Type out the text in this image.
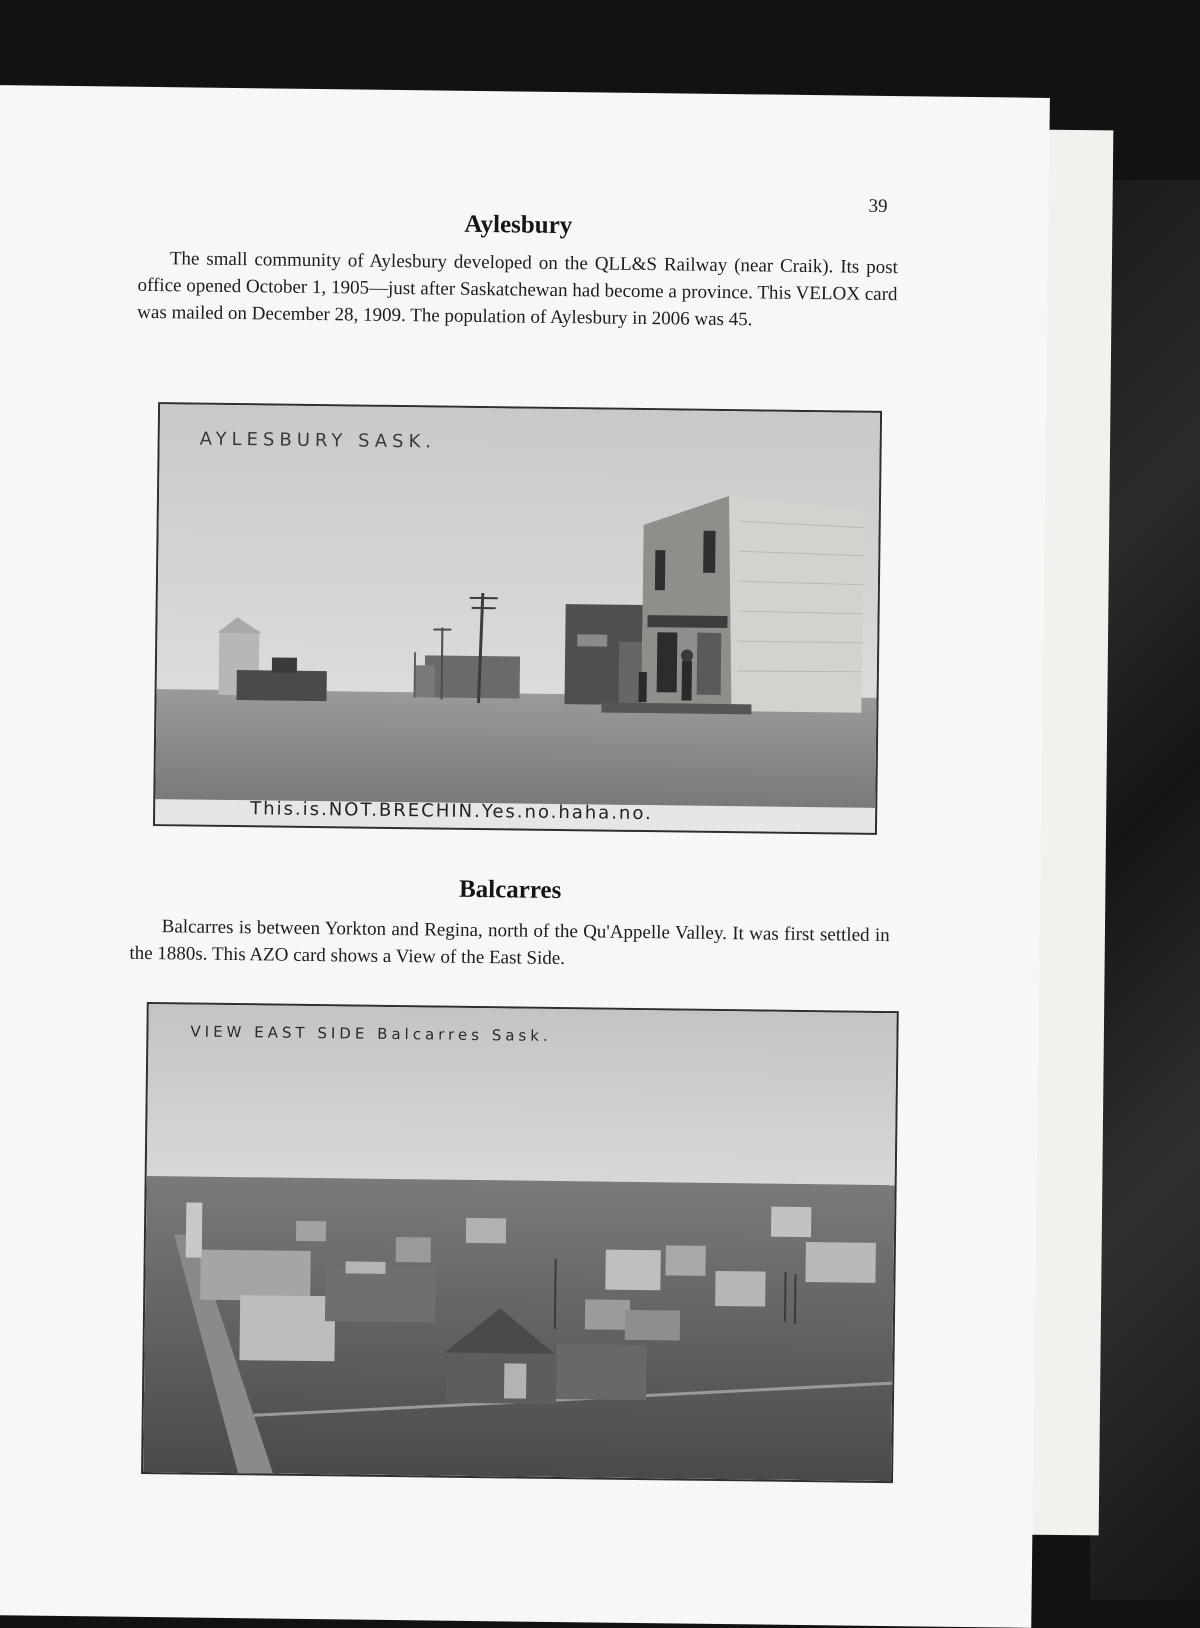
39
Aylesbury

The small community of Aylesbury developed on the QLL&S Railway (near Craik). Its post office opened October 1, 1905—just after Saskatchewan had become a province. This VELOX card was mailed on December 28, 1909. The population of Aylesbury in 2006 was 45.

AYLESBURY SASK.
This.is.NOT.BRECHIN.Yes.no.haha.no.
Balcarres

Balcarres is between Yorkton and Regina, north of the Qu'Appelle Valley. It was first settled in the 1880s. This AZO card shows a View of the East Side.

VIEW EAST SIDE Balcarres Sask.
